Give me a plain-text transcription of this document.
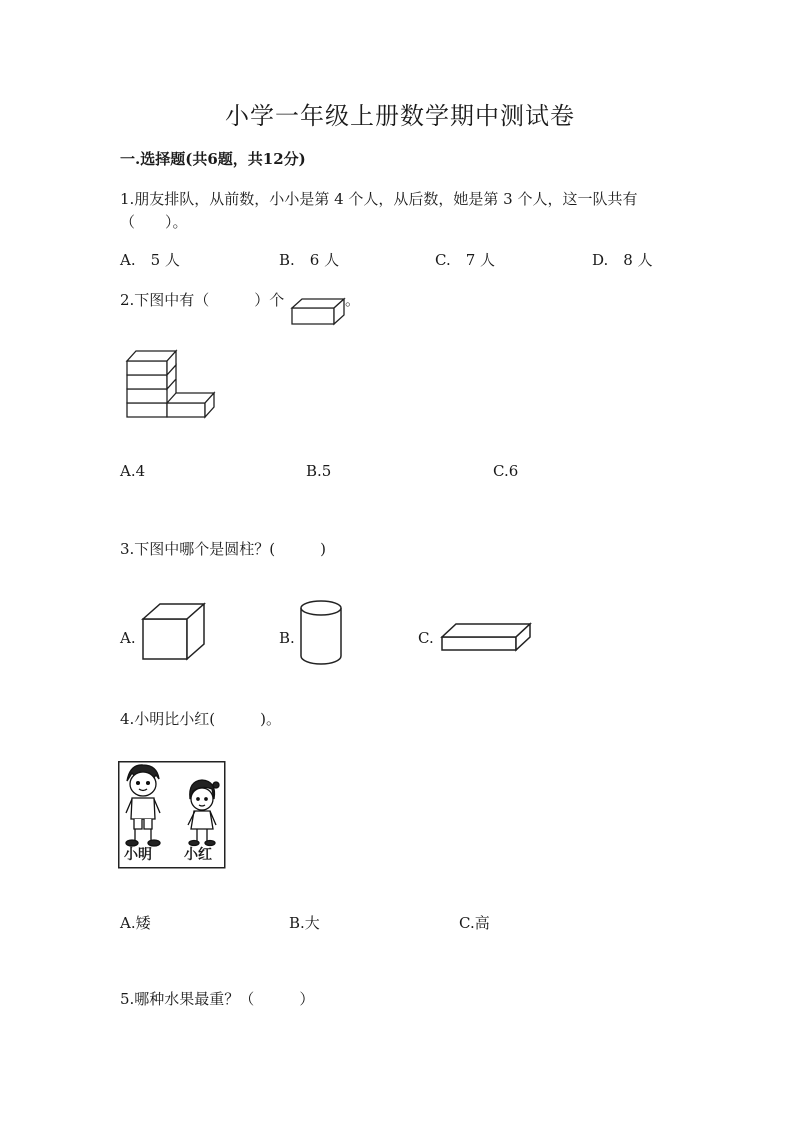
小学一年级上册数学期中测试卷
一.选择题(共6题，共12分)
1.朋友排队，从前数，小小是第 4 个人，从后数，她是第 3 个人，这一队共有
（　　）。
A.　5 人	B.　6 人	C.　7 人	D.　8 人
2.下图中有（　　　）个	。
A.4	B.5	C.6
3.下图中哪个是圆柱？(　　　)
A.	B.	C.
4.小明比小红(　　　)。
小明 小红
A.矮	B.大	C.高
5.哪种水果最重？（　　　）
